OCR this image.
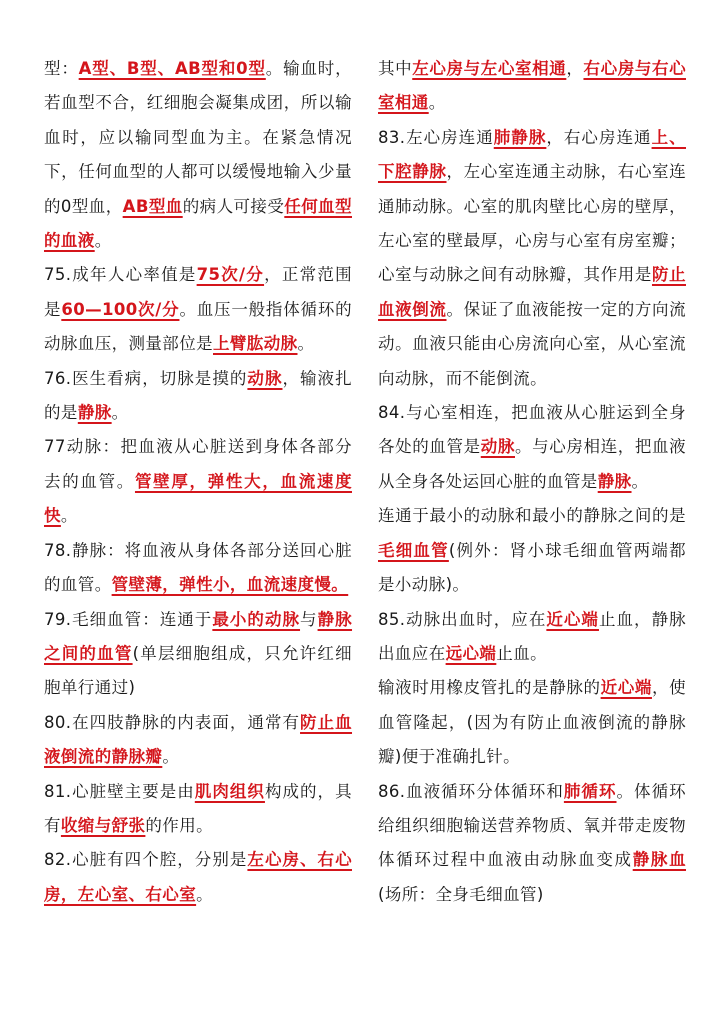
型：A型、B型、AB型和0型。输血时，若血型不合，红细胞会凝集成团，所以输血时，应以输同型血为主。在紧急情况下，任何血型的人都可以缓慢地输入少量的0型血，AB型血的病人可接受任何血型的血液。

75.成年人心率值是75次/分，正常范围是60—100次/分。血压一般指体循环的动脉血压，测量部位是上臂肱动脉。

76.医生看病，切脉是摸的动脉，输液扎的是静脉。

77动脉：把血液从心脏送到身体各部分去的血管。管壁厚，弹性大，血流速度快。

78.静脉：将血液从身体各部分送回心脏的血管。管壁薄，弹性小，血流速度慢。

79.毛细血管：连通于最小的动脉与静脉之间的血管(单层细胞组成，只允许红细胞单行通过)

80.在四肢静脉的内表面，通常有防止血液倒流的静脉瓣。

81.心脏壁主要是由肌肉组织构成的，具有收缩与舒张的作用。

82.心脏有四个腔，分别是左心房、右心房，左心室、右心室。

其中左心房与左心室相通，右心房与右心室相通。

83.左心房连通肺静脉，右心房连通上、下腔静脉，左心室连通主动脉，右心室连通肺动脉。心室的肌肉壁比心房的壁厚，左心室的壁最厚，心房与心室有房室瓣；心室与动脉之间有动脉瓣，其作用是防止血液倒流。保证了血液能按一定的方向流动。血液只能由心房流向心室，从心室流向动脉，而不能倒流。

84.与心室相连，把血液从心脏运到全身各处的血管是动脉。与心房相连，把血液从全身各处运回心脏的血管是静脉。

连通于最小的动脉和最小的静脉之间的是毛细血管(例外：肾小球毛细血管两端都是小动脉)。

85.动脉出血时，应在近心端止血，静脉出血应在远心端止血。

输液时用橡皮管扎的是静脉的近心端，使血管隆起，(因为有防止血液倒流的静脉瓣)便于准确扎针。

86.血液循环分体循环和肺循环。体循环给组织细胞输送营养物质、氧并带走废物体循环过程中血液由动脉血变成静脉血(场所：全身毛细血管)
